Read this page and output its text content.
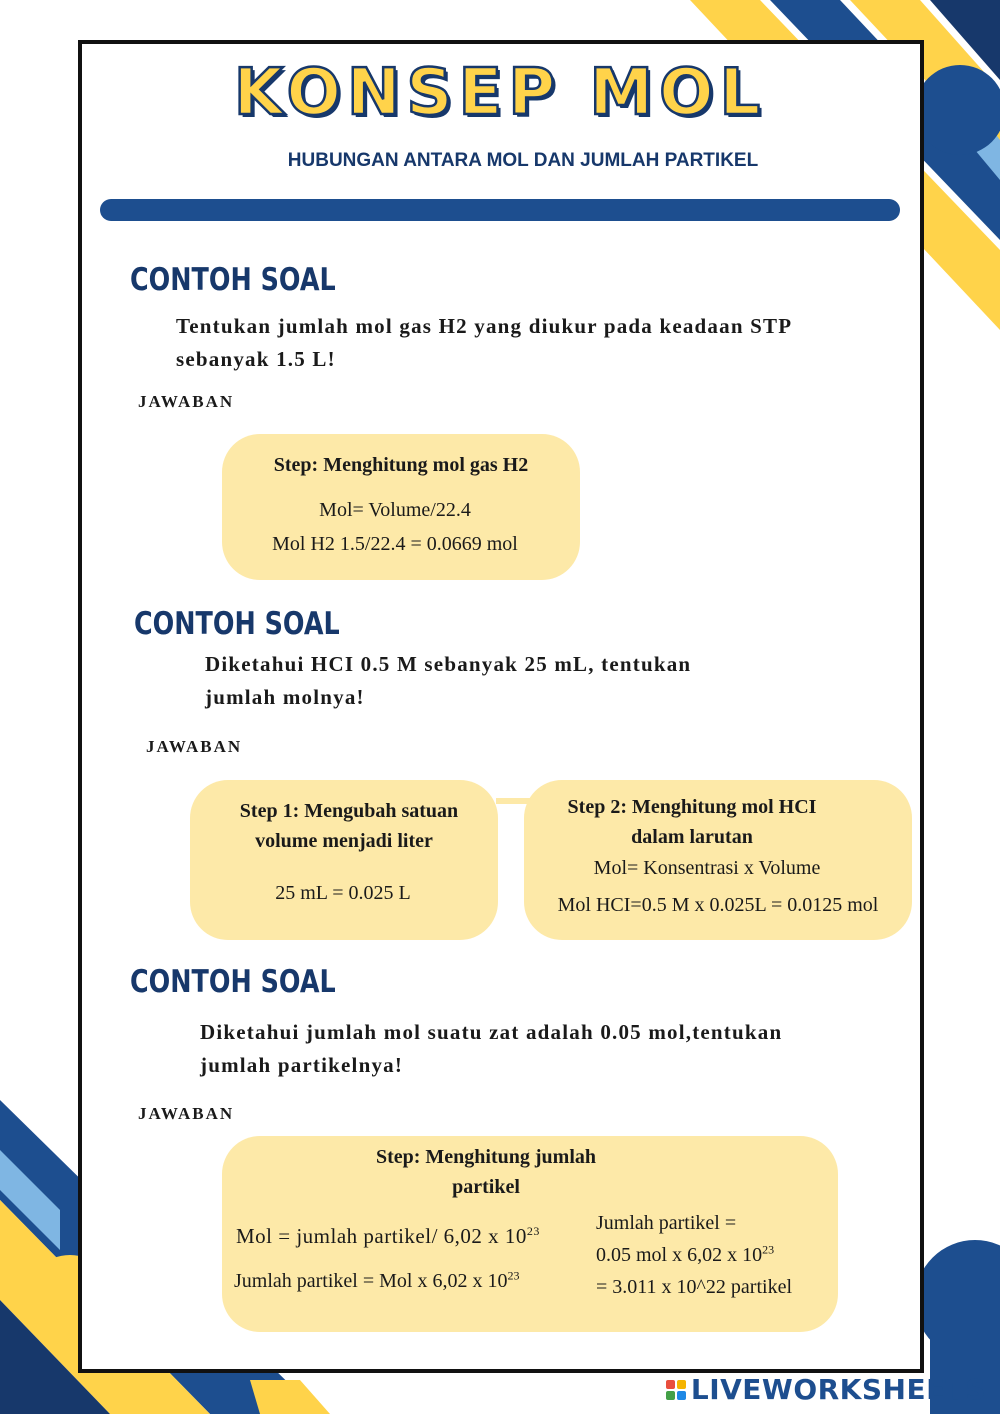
KONSEP MOL
HUBUNGAN ANTARA MOL DAN JUMLAH PARTIKEL
CONTOH SOAL
Tentukan jumlah mol gas H2 yang diukur pada keadaan STP
sebanyak 1.5 L!
JAWABAN
Step: Menghitung mol gas H2
Mol= Volume/22.4
Mol H2 1.5/22.4 = 0.0669 mol
CONTOH SOAL
Diketahui HCI 0.5 M sebanyak 25 mL, tentukan
jumlah molnya!
JAWABAN
Step 1: Mengubah satuan
volume menjadi liter
25 mL = 0.025 L
Step 2: Menghitung mol HCI
dalam larutan
Mol= Konsentrasi x Volume
Mol HCI=0.5 M x 0.025L = 0.0125 mol
CONTOH SOAL
Diketahui jumlah mol suatu zat adalah 0.05 mol,tentukan
jumlah partikelnya!
JAWABAN
Step: Menghitung jumlah
partikel
Mol = jumlah partikel/ 6,02 x $10^{23}$
Jumlah partikel = Mol x 6,02 x $10^{23}$
Jumlah partikel =
0.05 mol x 6,02 x $10^{23}$
= 3.011 x 10^22 partikel
LIVEWORKSHEETS
